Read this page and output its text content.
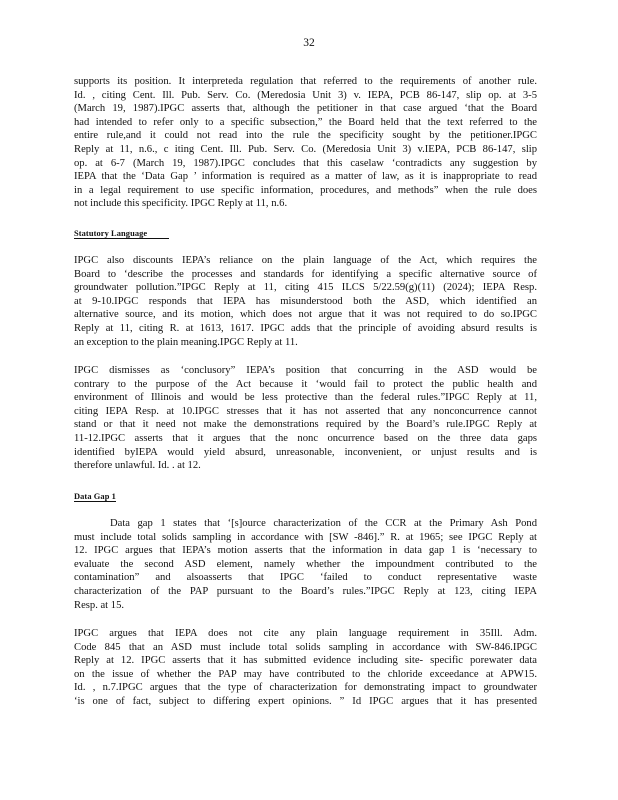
32
supports its position. It interpreteda regulation that referred to the requirements of another rule.
Id. , citing Cent. Ill. Pub. Serv. Co. (Meredosia Unit 3) v. IEPA, PCB 86-147, slip op. at 3-5
(March 19, 1987).IPGC asserts that, although the petitioner in that case argued ‘that the Board
had intended to refer only to a specific subsection,” the Board held that the text referred to the
entire rule,and it could not read into the rule the specificity sought by the petitioner.IPGC
Reply at 11, n.6., c iting Cent. Ill. Pub. Serv. Co. (Meredosia Unit 3) v.IEPA, PCB 86-147, slip
op. at 6-7 (March 19, 1987).IPGC concludes that this caselaw ‘contradicts any suggestion by
IEPA that the ‘Data Gap ’ information is required as a matter of law, as it is inappropriate to read
in a legal requirement to use specific information, procedures, and methods” when the rule does
not include this specificity. IPGC Reply at 11, n.6.
Statutory Language
IPGC also discounts IEPA’s reliance on the plain language of the Act, which requires the
Board to ‘describe the processes and standards for identifying a specific alternative source of
groundwater pollution.”IPGC Reply at 11, citing 415 ILCS 5/22.59(g)(11) (2024); IEPA Resp.
at 9-10.IPGC responds that IEPA has misunderstood both the ASD, which identified an
alternative source, and its motion, which does not argue that it was not required to do so.IPGC
Reply at 11, citing R. at 1613, 1617. IPGC adds that the principle of avoiding absurd results is
an exception to the plain meaning.IPGC Reply at 11.
IPGC dismisses as ‘conclusory” IEPA’s position that concurring in the ASD would be
contrary to the purpose of the Act because it ‘would fail to protect the public health and
environment of Illinois and would be less protective than the federal rules.”IPGC Reply at 11,
citing IEPA Resp. at 10.IPGC stresses that it has not asserted that any nonconcurrence cannot
stand or that it need not make the demonstrations required by the Board’s rule.IPGC Reply at
11-12.IPGC asserts that it argues that the nonc oncurrence based on the three data gaps
identified byIEPA would yield absurd, unreasonable, inconvenient, or unjust results and is
therefore unlawful. Id. . at 12.
Data Gap 1
Data gap 1 states that ‘[s]ource characterization of the CCR at the Primary Ash Pond
must include total solids sampling in accordance with [SW -846].” R. at 1965; see IPGC Reply at
12. IPGC argues that IEPA’s motion asserts that the information in data gap 1 is ‘necessary to
evaluate the second ASD element, namely whether the impoundment contributed to the
contamination” and alsoasserts that IPGC ‘failed to conduct representative waste
characterization of the PAP pursuant to the Board’s rules.”IPGC Reply at 123, citing IEPA
Resp. at 15.
IPGC argues that IEPA does not cite any plain language requirement in 35Ill. Adm.
Code 845 that an ASD must include total solids sampling in accordance with SW-846.IPGC
Reply at 12. IPGC asserts that it has submitted evidence including site- specific porewater data
on the issue of whether the PAP may have contributed to the chloride exceedance at APW15.
Id. , n.7.IPGC argues that the type of characterization for demonstrating impact to groundwater
‘is one of fact, subject to differing expert opinions. ” Id IPGC argues that it has presented
